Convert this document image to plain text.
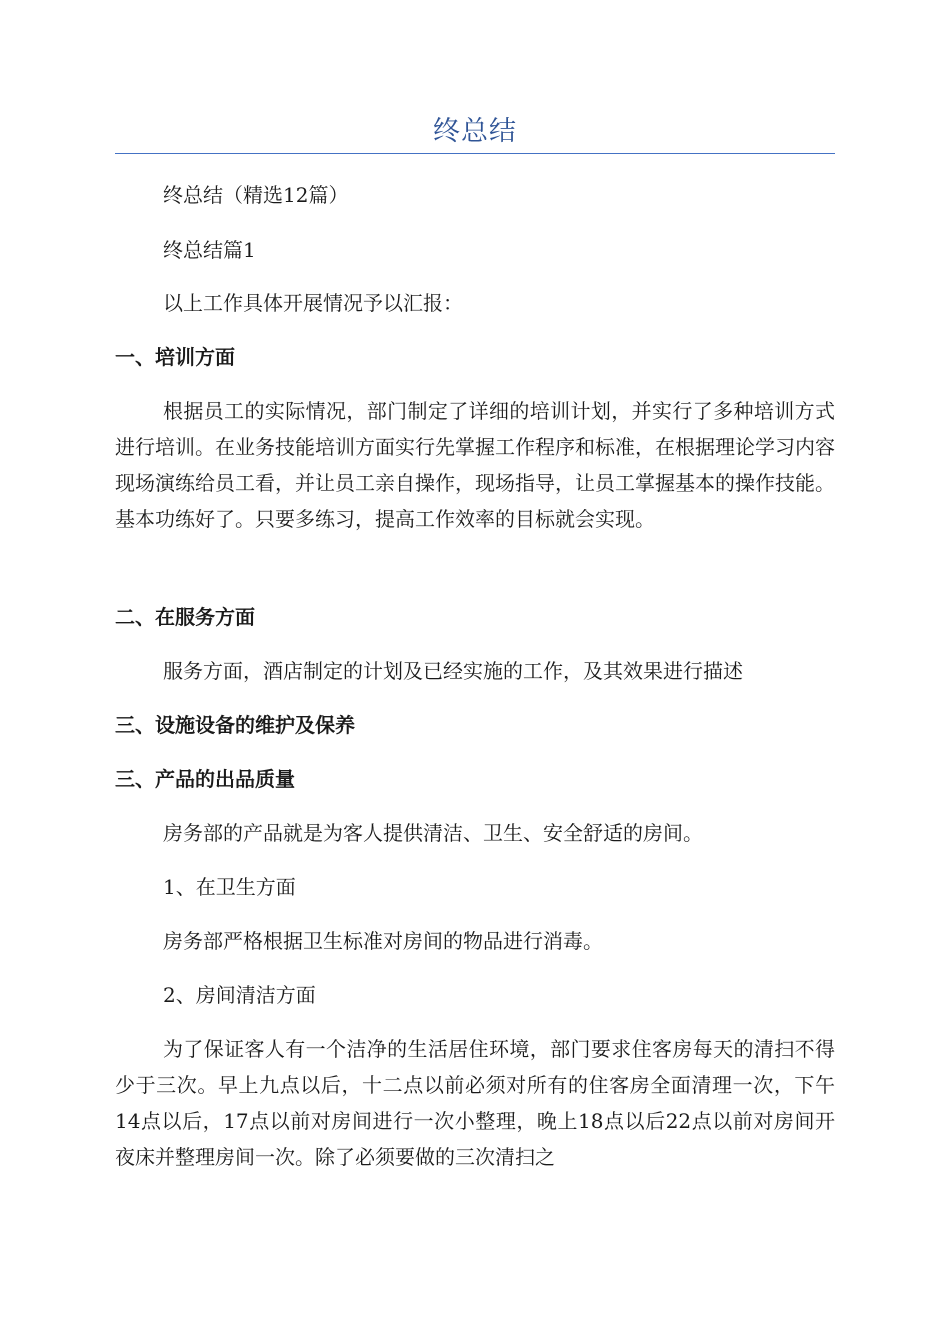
终总结
终总结（精选12篇）
终总结篇1
以上工作具体开展情况予以汇报：
一、培训方面

根据员工的实际情况，部门制定了详细的培训计划，并实行了多种培训方式进行培训。在业务技能培训方面实行先掌握工作程序和标准，在根据理论学习内容现场演练给员工看，并让员工亲自操作，现场指导，让员工掌握基本的操作技能。基本功练好了。只要多练习，提高工作效率的目标就会实现。

二、在服务方面
服务方面，酒店制定的计划及已经实施的工作，及其效果进行描述
三、设施设备的维护及保养
三、产品的出品质量
房务部的产品就是为客人提供清洁、卫生、安全舒适的房间。
1、在卫生方面
房务部严格根据卫生标准对房间的物品进行消毒。
2、房间清洁方面

为了保证客人有一个洁净的生活居住环境，部门要求住客房每天的清扫不得少于三次。早上九点以后，十二点以前必须对所有的住客房全面清理一次，下午14点以后，17点以前对房间进行一次小整理，晚上18点以后22点以前对房间开夜床并整理房间一次。除了必须要做的三次清扫之
